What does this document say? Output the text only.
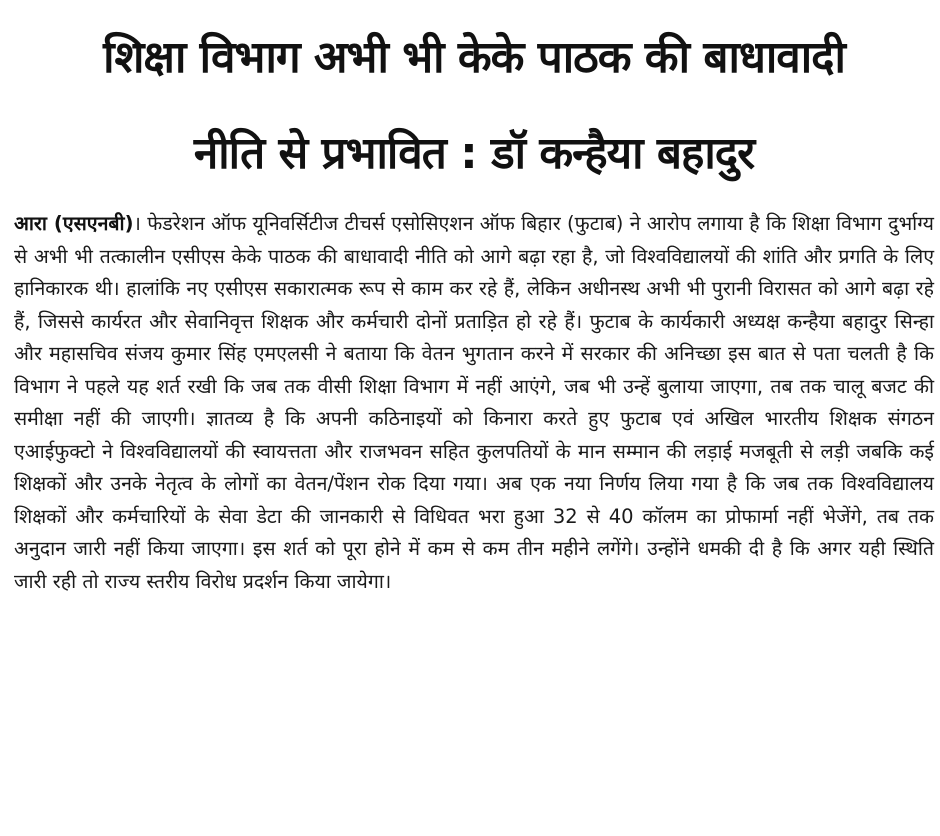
शिक्षा विभाग अभी भी केके पाठक की बाधावादी
नीति से प्रभावित : डॉ कन्हैया बहादुर

आरा (एसएनबी)। फेडरेशन ऑफ यूनिवर्सिटीज टीचर्स एसोसिएशन ऑफ बिहार (फुटाब) ने आरोप लगाया है कि शिक्षा विभाग दुर्भाग्य से अभी भी तत्कालीन एसीएस केके पाठक की बाधावादी नीति को आगे बढ़ा रहा है, जो विश्वविद्यालयों की शांति और प्रगति के लिए हानिकारक थी। हालांकि नए एसीएस सकारात्मक रूप से काम कर रहे हैं, लेकिन अधीनस्थ अभी भी पुरानी विरासत को आगे बढ़ा रहे हैं, जिससे कार्यरत और सेवानिवृत्त शिक्षक और कर्मचारी दोनों प्रताड़ित हो रहे हैं। फुटाब के कार्यकारी अध्यक्ष कन्हैया बहादुर सिन्हा और महासचिव संजय कुमार सिंह एमएलसी ने बताया कि वेतन भुगतान करने में सरकार की अनिच्छा इस बात से पता चलती है कि विभाग ने पहले यह शर्त रखी कि जब तक वीसी शिक्षा विभाग में नहीं आएंगे, जब भी उन्हें बुलाया जाएगा, तब तक चालू बजट की समीक्षा नहीं की जाएगी। ज्ञातव्य है कि अपनी कठिनाइयों को किनारा करते हुए फुटाब एवं अखिल भारतीय शिक्षक संगठन एआईफुक्टो ने विश्वविद्यालयों की स्वायत्तता और राजभवन सहित कुलपतियों के मान सम्मान की लड़ाई मजबूती से लड़ी जबकि कई शिक्षकों और उनके नेतृत्व के लोगों का वेतन/पेंशन रोक दिया गया। अब एक नया निर्णय लिया गया है कि जब तक विश्वविद्यालय शिक्षकों और कर्मचारियों के सेवा डेटा की जानकारी से विधिवत भरा हुआ 32 से 40 कॉलम का प्रोफार्मा नहीं भेजेंगे, तब तक अनुदान जारी नहीं किया जाएगा। इस शर्त को पूरा होने में कम से कम तीन महीने लगेंगे। उन्होंने धमकी दी है कि अगर यही स्थिति जारी रही तो राज्य स्तरीय विरोध प्रदर्शन किया जायेगा।
